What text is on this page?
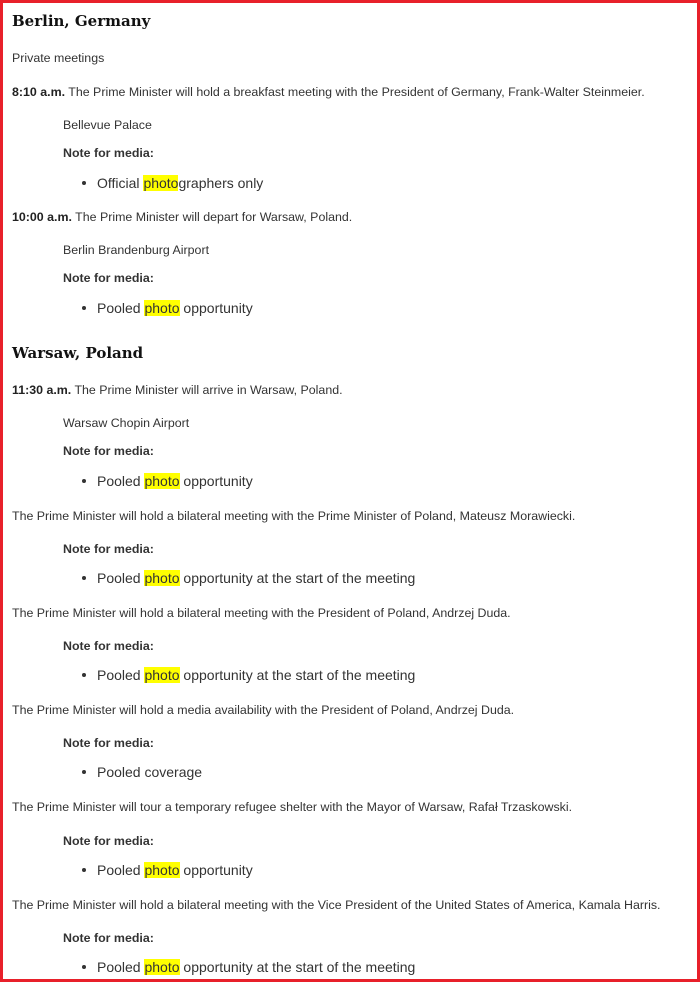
Berlin, Germany
Private meetings
8:10 a.m. The Prime Minister will hold a breakfast meeting with the President of Germany, Frank-Walter Steinmeier.
Bellevue Palace
Note for media:
Official photographers only
10:00 a.m. The Prime Minister will depart for Warsaw, Poland.
Berlin Brandenburg Airport
Note for media:
Pooled photo opportunity
Warsaw, Poland
11:30 a.m. The Prime Minister will arrive in Warsaw, Poland.
Warsaw Chopin Airport
Note for media:
Pooled photo opportunity
The Prime Minister will hold a bilateral meeting with the Prime Minister of Poland, Mateusz Morawiecki.
Note for media:
Pooled photo opportunity at the start of the meeting
The Prime Minister will hold a bilateral meeting with the President of Poland, Andrzej Duda.
Note for media:
Pooled photo opportunity at the start of the meeting
The Prime Minister will hold a media availability with the President of Poland, Andrzej Duda.
Note for media:
Pooled coverage
The Prime Minister will tour a temporary refugee shelter with the Mayor of Warsaw, Rafał Trzaskowski.
Note for media:
Pooled photo opportunity
The Prime Minister will hold a bilateral meeting with the Vice President of the United States of America, Kamala Harris.
Note for media:
Pooled photo opportunity at the start of the meeting
